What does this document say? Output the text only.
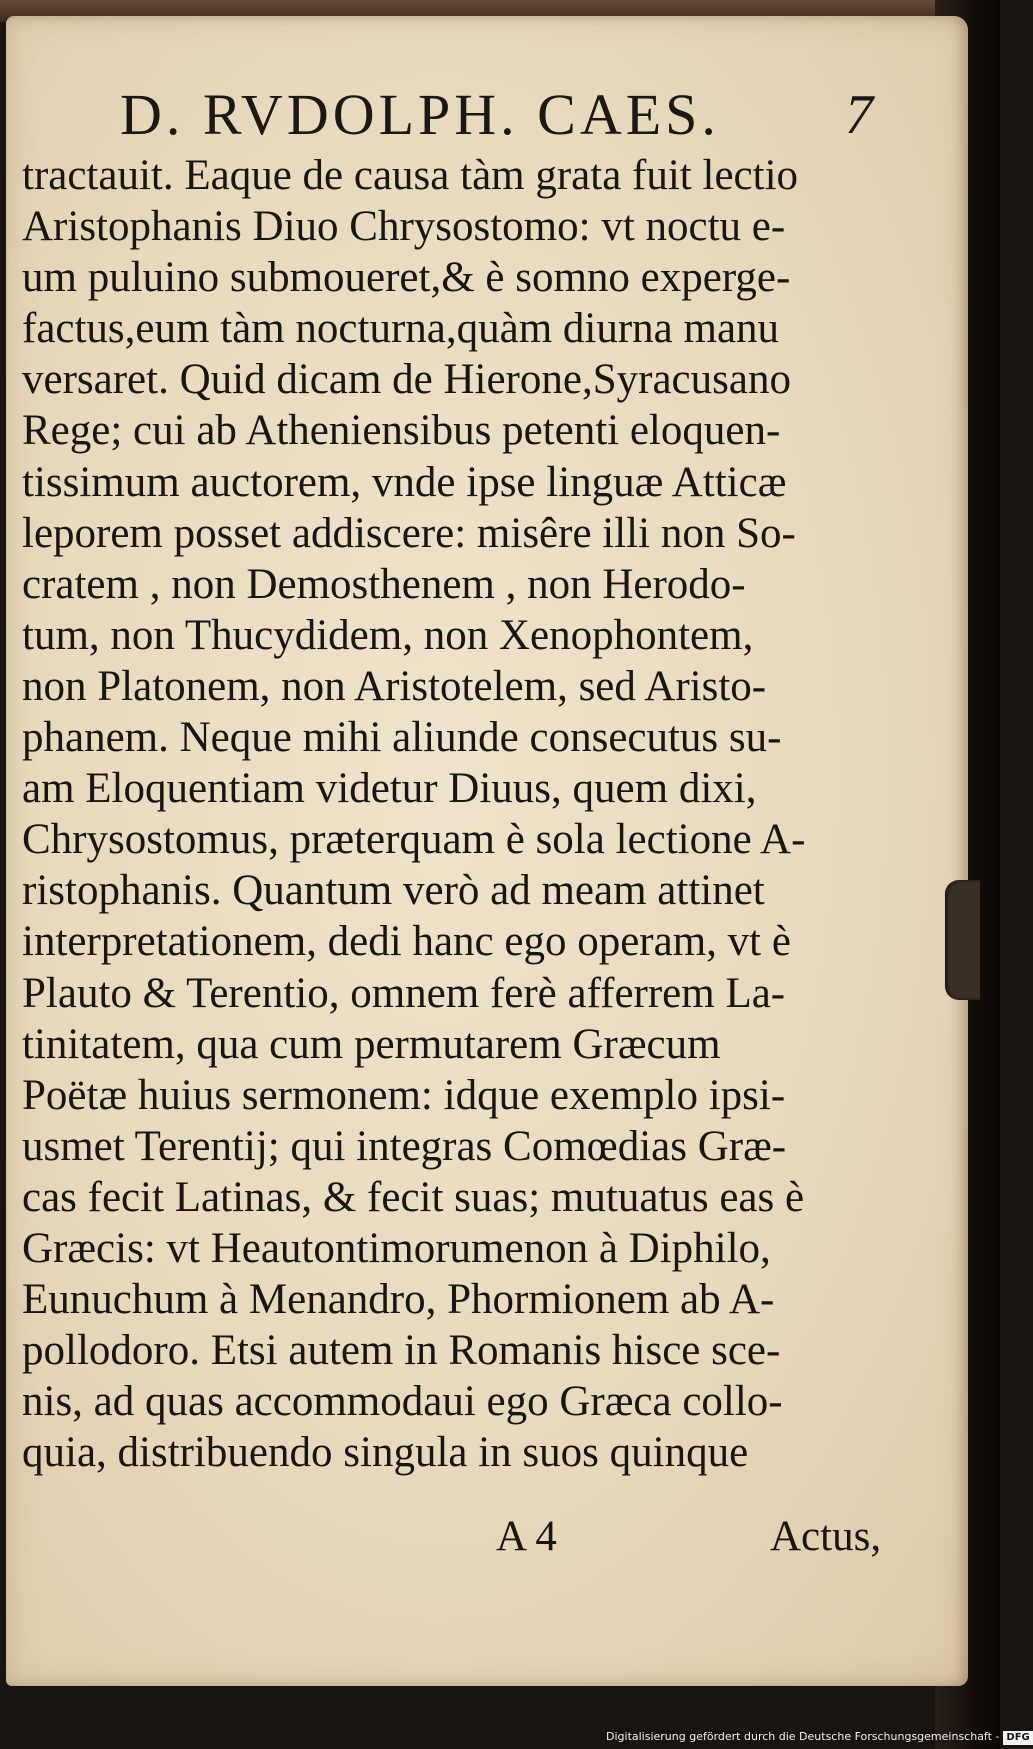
D. RVDOLPH. CAES. 7
tractauit. Eaque de causa tàm grata fuit lectio
Aristophanis Diuo Chrysostomo: vt noctu e-
um puluino submoueret,& è somno experge-
factus,eum tàm nocturna,quàm diurna manu
versaret. Quid dicam de Hierone,Syracusano
Rege; cui ab Atheniensibus petenti eloquen-
tissimum auctorem, vnde ipse linguæ Atticæ
leporem posset addiscere: misêre illi non So-
cratem , non Demosthenem , non Herodo-
tum, non Thucydidem, non Xenophontem,
non Platonem, non Aristotelem, sed Aristo-
phanem. Neque mihi aliunde consecutus su-
am Eloquentiam videtur Diuus, quem dixi,
Chrysostomus, præterquam è sola lectione A-
ristophanis. Quantum verò ad meam attinet
interpretationem, dedi hanc ego operam, vt è
Plauto & Terentio, omnem ferè afferrem La-
tinitatem, qua cum permutarem Græcum
Poëtæ huius sermonem: idque exemplo ipsi-
usmet Terentij; qui integras Comœdias Græ-
cas fecit Latinas, & fecit suas; mutuatus eas è
Græcis: vt Heautontimorumenon à Diphilo,
Eunuchum à Menandro, Phormionem ab A-
pollodoro. Etsi autem in Romanis hisce sce-
nis, ad quas accommodaui ego Græca collo-
quia, distribuendo singula in suos quinque
A 4	Actus,
Digitalisierung gefördert durch die Deutsche Forschungsgemeinschaft - DFG
